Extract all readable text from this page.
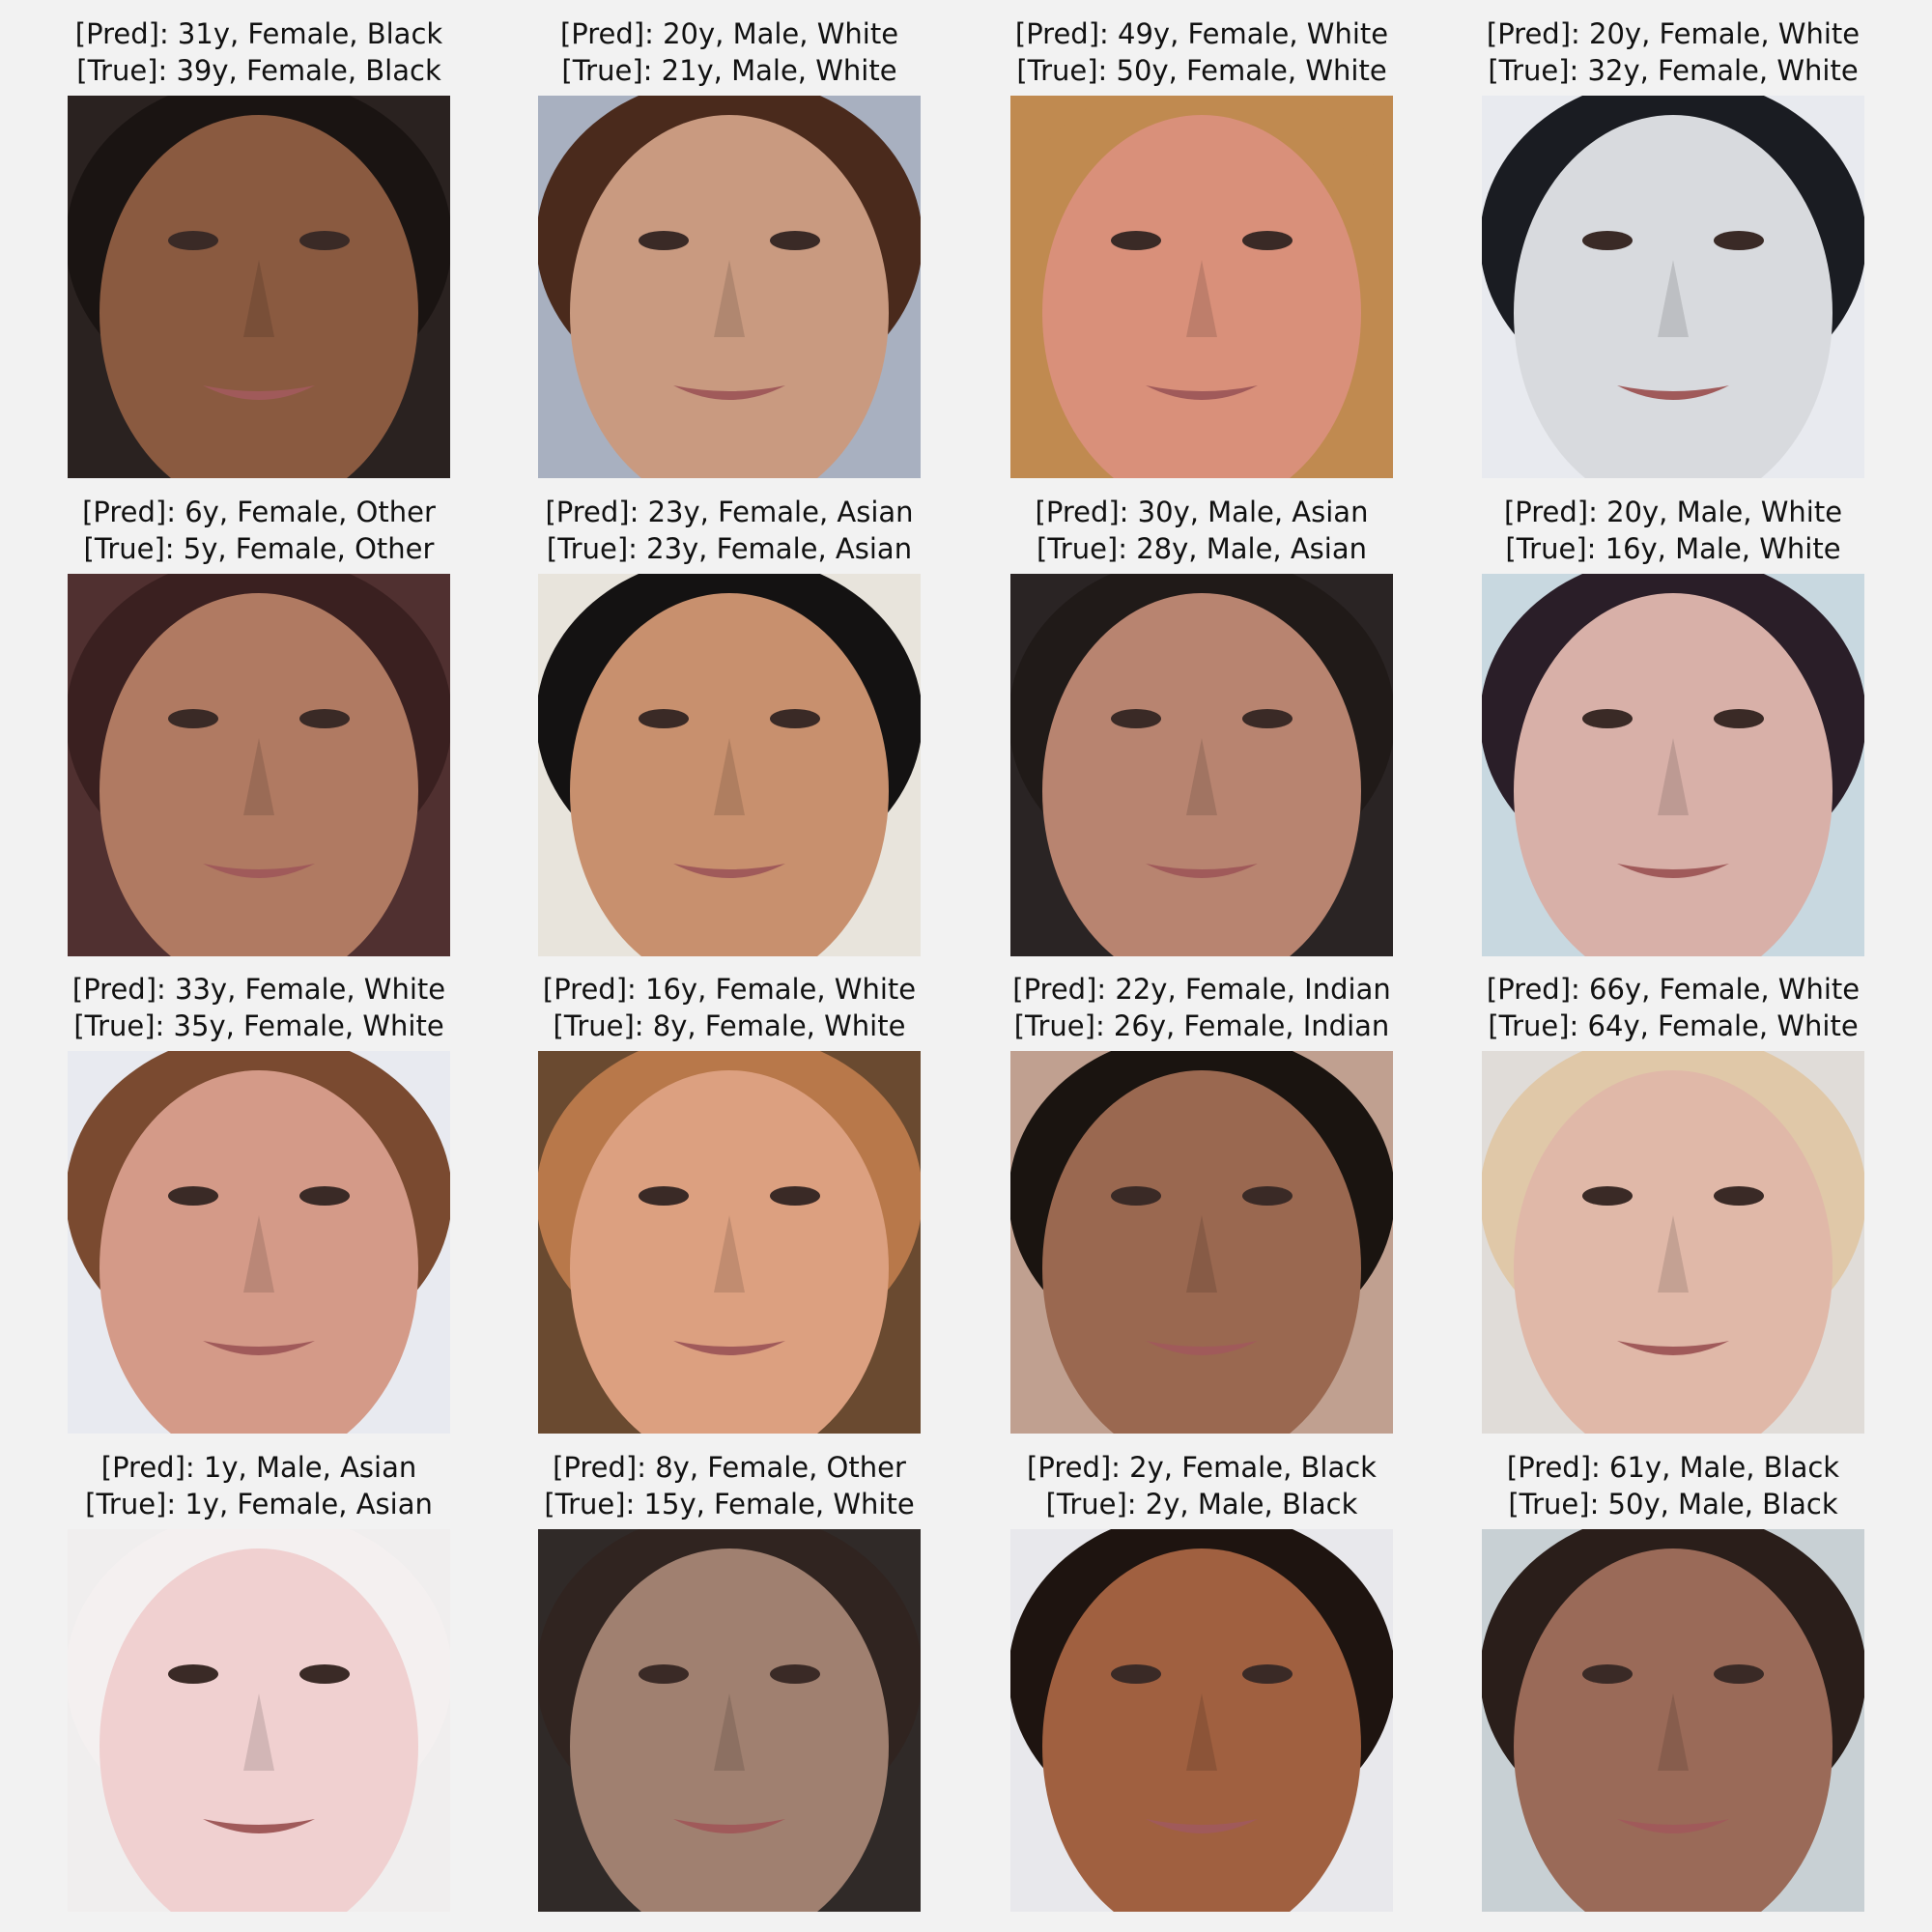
[Pred]: 31y, Female, Black
[True]: 39y, Female, Black
[Pred]: 20y, Male, White
[True]: 21y, Male, White
[Pred]: 49y, Female, White
[True]: 50y, Female, White
[Pred]: 20y, Female, White
[True]: 32y, Female, White
[Pred]: 6y, Female, Other
[True]: 5y, Female, Other
[Pred]: 23y, Female, Asian
[True]: 23y, Female, Asian
[Pred]: 30y, Male, Asian
[True]: 28y, Male, Asian
[Pred]: 20y, Male, White
[True]: 16y, Male, White
[Pred]: 33y, Female, White
[True]: 35y, Female, White
[Pred]: 16y, Female, White
[True]: 8y, Female, White
[Pred]: 22y, Female, Indian
[True]: 26y, Female, Indian
[Pred]: 66y, Female, White
[True]: 64y, Female, White
[Pred]: 1y, Male, Asian
[True]: 1y, Female, Asian
[Pred]: 8y, Female, Other
[True]: 15y, Female, White
[Pred]: 2y, Female, Black
[True]: 2y, Male, Black
[Pred]: 61y, Male, Black
[True]: 50y, Male, Black
